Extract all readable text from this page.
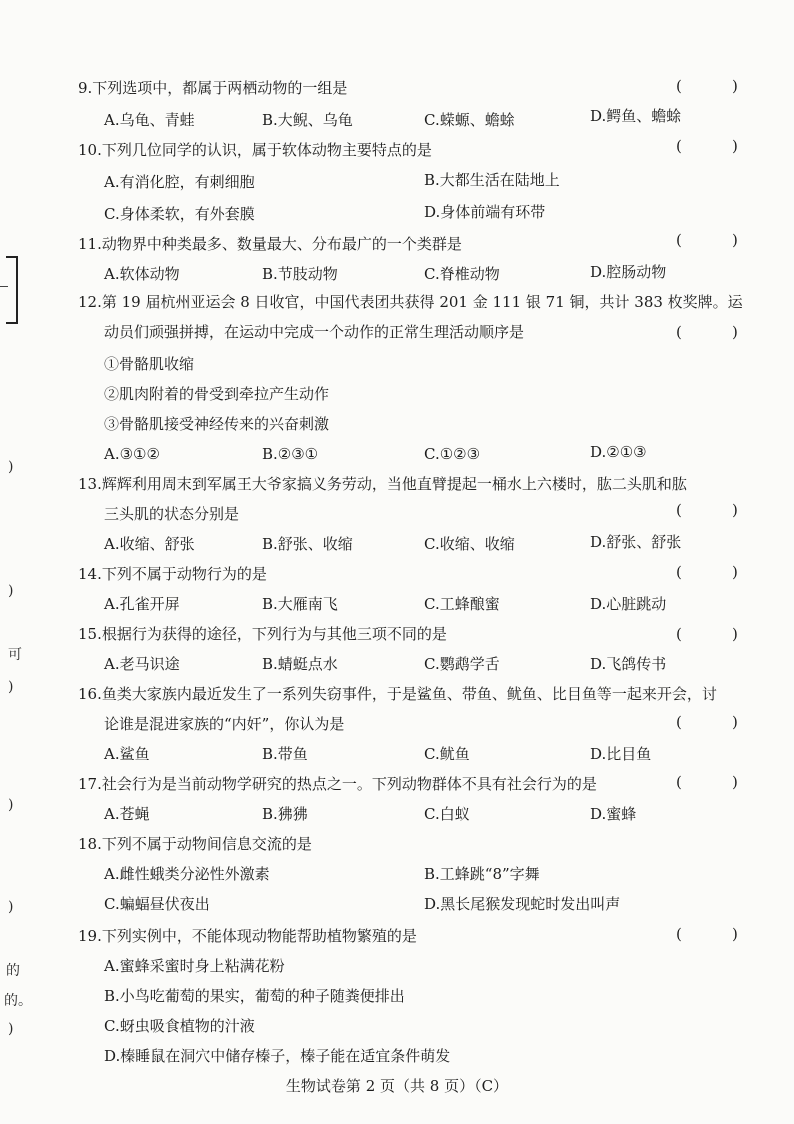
)
)
可
)
)
)
的
的。
)
9.下列选项中，都属于两栖动物的一组是	(	)
A.乌龟、青蛙	B.大鲵、乌龟	C.蝾螈、蟾蜍	D.鳄鱼、蟾蜍
10.下列几位同学的认识，属于软体动物主要特点的是	(	)
A.有消化腔，有刺细胞	B.大都生活在陆地上
C.身体柔软，有外套膜	D.身体前端有环带
11.动物界中种类最多、数量最大、分布最广的一个类群是	(	)
A.软体动物	B.节肢动物	C.脊椎动物	D.腔肠动物
12.第 19 届杭州亚运会 8 日收官，中国代表团共获得 201 金 111 银 71 铜，共计 383 枚奖牌。运
动员们顽强拼搏，在运动中完成一个动作的正常生理活动顺序是	(	)
①骨骼肌收缩
②肌肉附着的骨受到牵拉产生动作
③骨骼肌接受神经传来的兴奋刺激
A.③①②	B.②③①	C.①②③	D.②①③
13.辉辉利用周末到军属王大爷家搞义务劳动，当他直臂提起一桶水上六楼时，肱二头肌和肱
三头肌的状态分别是	(	)
A.收缩、舒张	B.舒张、收缩	C.收缩、收缩	D.舒张、舒张
14.下列不属于动物行为的是	(	)
A.孔雀开屏	B.大雁南飞	C.工蜂酿蜜	D.心脏跳动
15.根据行为获得的途径，下列行为与其他三项不同的是	(	)
A.老马识途	B.蜻蜓点水	C.鹦鹉学舌	D.飞鸽传书
16.鱼类大家族内最近发生了一系列失窃事件，于是鲨鱼、带鱼、鱿鱼、比目鱼等一起来开会，讨
论谁是混进家族的“内奸”，你认为是	(	)
A.鲨鱼	B.带鱼	C.鱿鱼	D.比目鱼
17.社会行为是当前动物学研究的热点之一。下列动物群体不具有社会行为的是	(	)
A.苍蝇	B.狒狒	C.白蚁	D.蜜蜂
18.下列不属于动物间信息交流的是
A.雌性蛾类分泌性外激素	B.工蜂跳“8”字舞
C.蝙蝠昼伏夜出	D.黑长尾猴发现蛇时发出叫声
19.下列实例中，不能体现动物能帮助植物繁殖的是	(	)
A.蜜蜂采蜜时身上粘满花粉
B.小鸟吃葡萄的果实，葡萄的种子随粪便排出
C.蚜虫吸食植物的汁液
D.榛睡鼠在洞穴中储存榛子，榛子能在适宜条件萌发
生物试卷第 2 页（共 8 页）（C）
